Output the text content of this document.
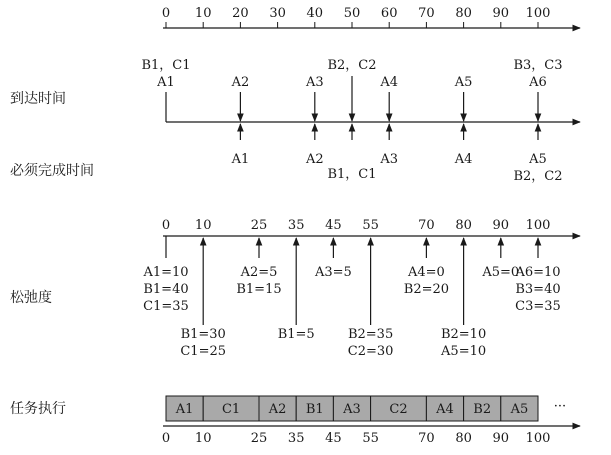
到达时间
必须完成时间
松弛度
任务执行
0 10 20 30 40 50 60 70 80 90 100
B1，C1
A1	A2	A3
B2，C2
A4	A5
B3，C3
A6
A1	A2
B1，C1
A3	A4	A5
B2，C2
0 10	25 35 45 55	70 80 90 100
A1=10
B1=40
C1=35
B1=30
C1=25
A2=5
B1=15
B1=5
A3=5
B2=35
C2=30
A4=0
B2=20
B2=10
A5=10
A5=0
A6=10
B3=40
C3=35
A1 C1 A2 B1 A3 C2 A4 B2 A5 ···
0 10	25 35 45 55	70 80 90 100
